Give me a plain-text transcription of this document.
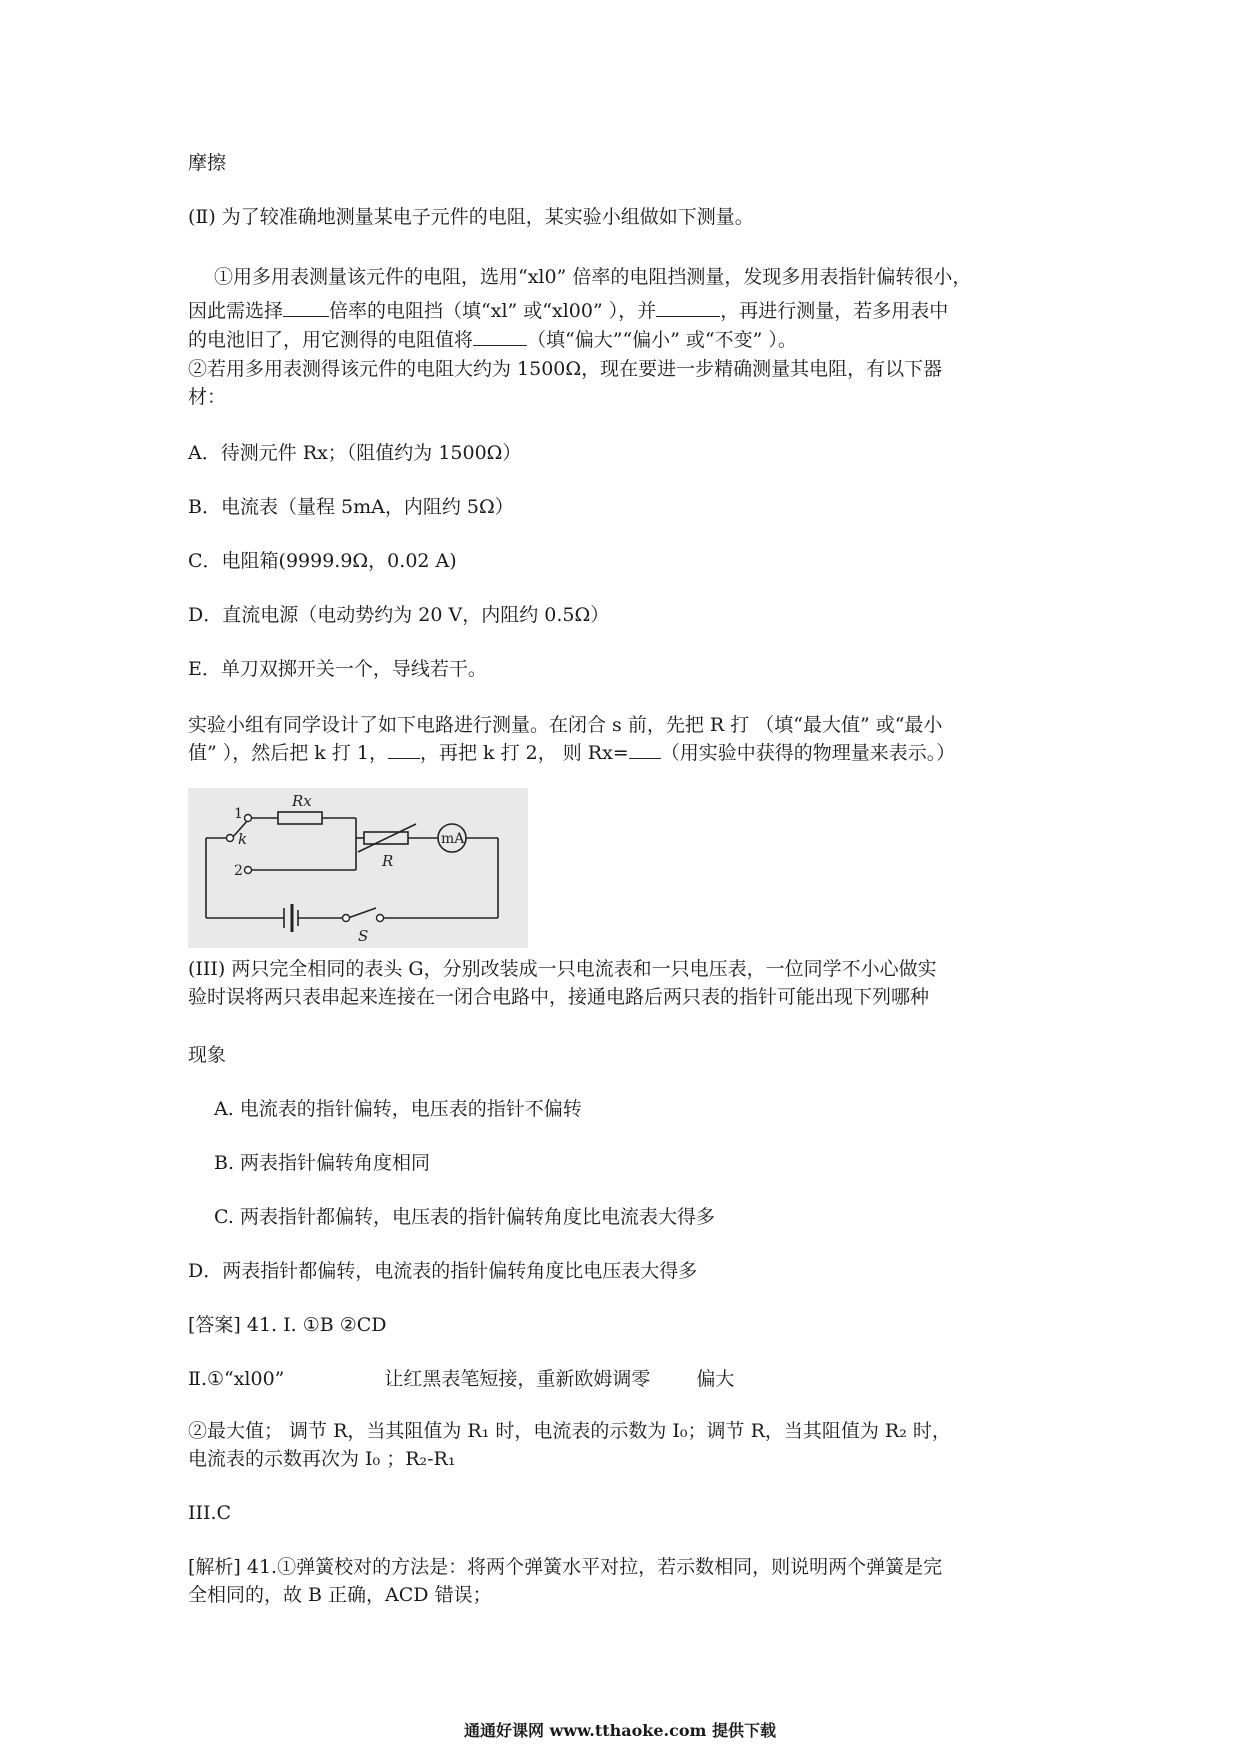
摩擦
(Ⅱ) 为了较准确地测量某电子元件的电阻，某实验小组做如下测量。
①用多用表测量该元件的电阻，选用“xl0” 倍率的电阻挡测量，发现多用表指针偏转很小，
因此需选择 倍率的电阻挡（填“xl” 或“xl00” ），并	，再进行测量，若多用表中
的电池旧了，用它测得的电阻值将	（填“偏大”“偏小” 或“不变” ）。
②若用多用表测得该元件的电阻大约为 1500Ω，现在要进一步精确测量其电阻，有以下器
材：
A．待测元件 Rx；（阻值约为 1500Ω）
B．电流表（量程 5mA，内阻约 5Ω）
C．电阻箱(9999.9Ω，0.02 A)
D．直流电源（电动势约为 20 V，内阻约 0.5Ω）
E．单刀双掷开关一个，导线若干。
实验小组有同学设计了如下电路进行测量。在闭合 s 前，先把 R 打 （填“最大值” 或“最小
值” ），然后把 k 打 1， ，再把 k 打 2， 则 Rx= （用实验中获得的物理量来表示。）
Rx
R
k
S
mA
1
2
(III) 两只完全相同的表头 G，分别改装成一只电流表和一只电压表，一位同学不小心做实
验时误将两只表串起来连接在一闭合电路中，接通电路后两只表的指针可能出现下列哪种
现象
A. 电流表的指针偏转，电压表的指针不偏转
B. 两表指针偏转角度相同
C. 两表指针都偏转，电压表的指针偏转角度比电流表大得多
D．两表指针都偏转，电流表的指针偏转角度比电压表大得多
[答案] 41. Ⅰ. ①B ②CD
Ⅱ.①“xl00”	让红黑表笔短接，重新欧姆调零 偏大
②最大值； 调节 R，当其阻值为 R₁ 时，电流表的示数为 I₀；调节 R，当其阻值为 R₂ 时，
电流表的示数再次为 I₀ ；R₂-R₁
III.C
[解析] 41.①弹簧校对的方法是：将两个弹簧水平对拉，若示数相同，则说明两个弹簧是完
全相同的，故 B 正确，ACD 错误；
通通好课网 www.tthaoke.com 提供下载
